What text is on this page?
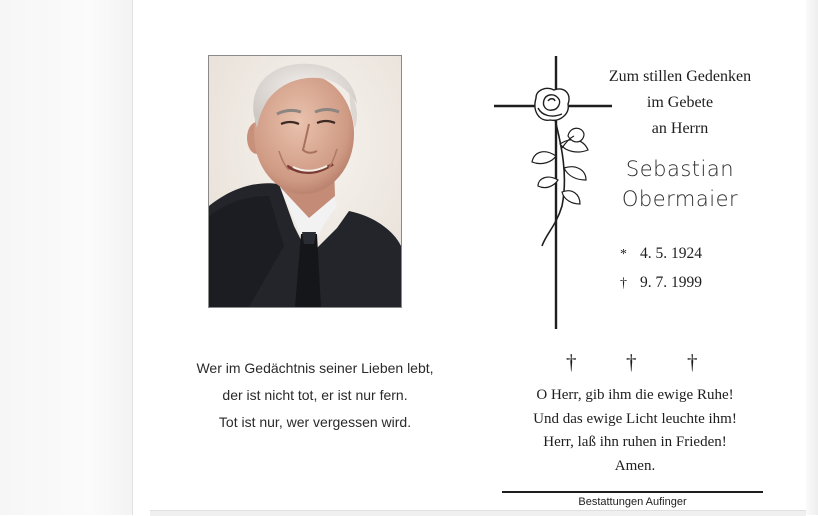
Zum stillen Gedenken
im Gebete
an Herrn
Sebastian
Obermaier
* 4. 5. 1924
† 9. 7. 1999
Wer im Gedächtnis seiner Lieben lebt,
der ist nicht tot, er ist nur fern.
Tot ist nur, wer vergessen wird.
† † †
O Herr, gib ihm die ewige Ruhe!
Und das ewige Licht leuchte ihm!
Herr, laß ihn ruhen in Frieden!
Amen.
Bestattungen Aufinger
